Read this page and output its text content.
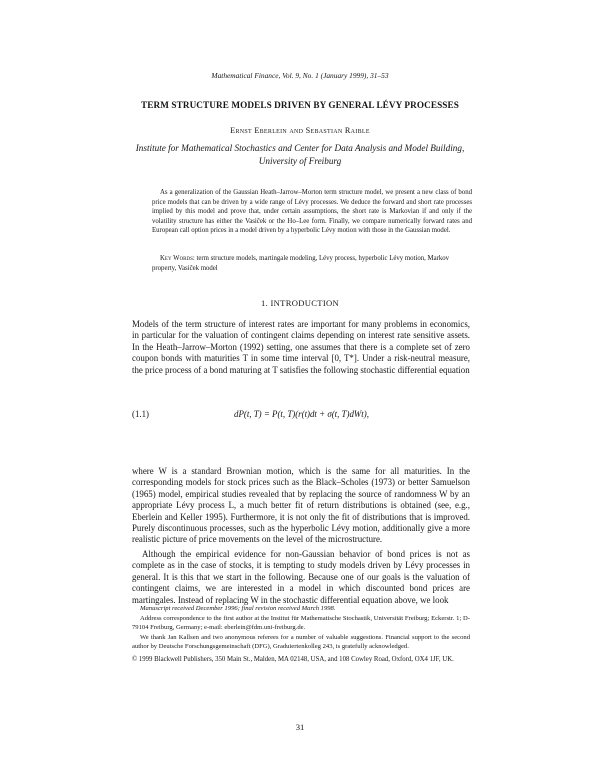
Mathematical Finance, Vol. 9, No. 1 (January 1999), 31–53
TERM STRUCTURE MODELS DRIVEN BY GENERAL LÉVY PROCESSES
Ernst Eberlein and Sebastian Raible
Institute for Mathematical Stochastics and Center for Data Analysis and Model Building, University of Freiburg

As a generalization of the Gaussian Heath–Jarrow–Morton term structure model, we present a new class of bond price models that can be driven by a wide range of Lévy processes. We deduce the forward and short rate processes implied by this model and prove that, under certain assumptions, the short rate is Markovian if and only if the volatility structure has either the Vasiček or the Ho–Lee form. Finally, we compare numerically forward rates and European call option prices in a model driven by a hyperbolic Lévy motion with those in the Gaussian model.

Key Words: term structure models, martingale modeling, Lévy process, hyperbolic Lévy motion, Markov property, Vasiček model

1. INTRODUCTION

Models of the term structure of interest rates are important for many problems in economics, in particular for the valuation of contingent claims depending on interest rate sensitive assets. In the Heath–Jarrow–Morton (1992) setting, one assumes that there is a complete set of zero coupon bonds with maturities T in some time interval [0, T*]. Under a risk-neutral measure, the price process of a bond maturing at T satisfies the following stochastic differential equation

(1.1)	dP(t, T) = P(t, T)(r(t)dt + σ(t, T)dWt),

where W is a standard Brownian motion, which is the same for all maturities. In the corresponding models for stock prices such as the Black–Scholes (1973) or better Samuelson (1965) model, empirical studies revealed that by replacing the source of randomness W by an appropriate Lévy process L, a much better fit of return distributions is obtained (see, e.g., Eberlein and Keller 1995). Furthermore, it is not only the fit of distributions that is improved. Purely discontinuous processes, such as the hyperbolic Lévy motion, additionally give a more realistic picture of price movements on the level of the microstructure.

Although the empirical evidence for non-Gaussian behavior of bond prices is not as complete as in the case of stocks, it is tempting to study models driven by Lévy processes in general. It is this that we start in the following. Because one of our goals is the valuation of contingent claims, we are interested in a model in which discounted bond prices are martingales. Instead of replacing W in the stochastic differential equation above, we look

Manuscript received December 1996; final revision received March 1998.

Address correspondence to the first author at the Institut für Mathematische Stochastik, Universität Freiburg; Eckerstr. 1; D-79104 Freiburg, Germany; e-mail: eberlein@fdm.uni-freiburg.de.

We thank Jan Kallsen and two anonymous referees for a number of valuable suggestions. Financial support to the second author by Deutsche Forschungsgemeinschaft (DFG), Graduiertenkolleg 243, is gratefully acknowledged.

© 1999 Blackwell Publishers, 350 Main St., Malden, MA 02148, USA, and 108 Cowley Road, Oxford, OX4 1JF, UK.

31
